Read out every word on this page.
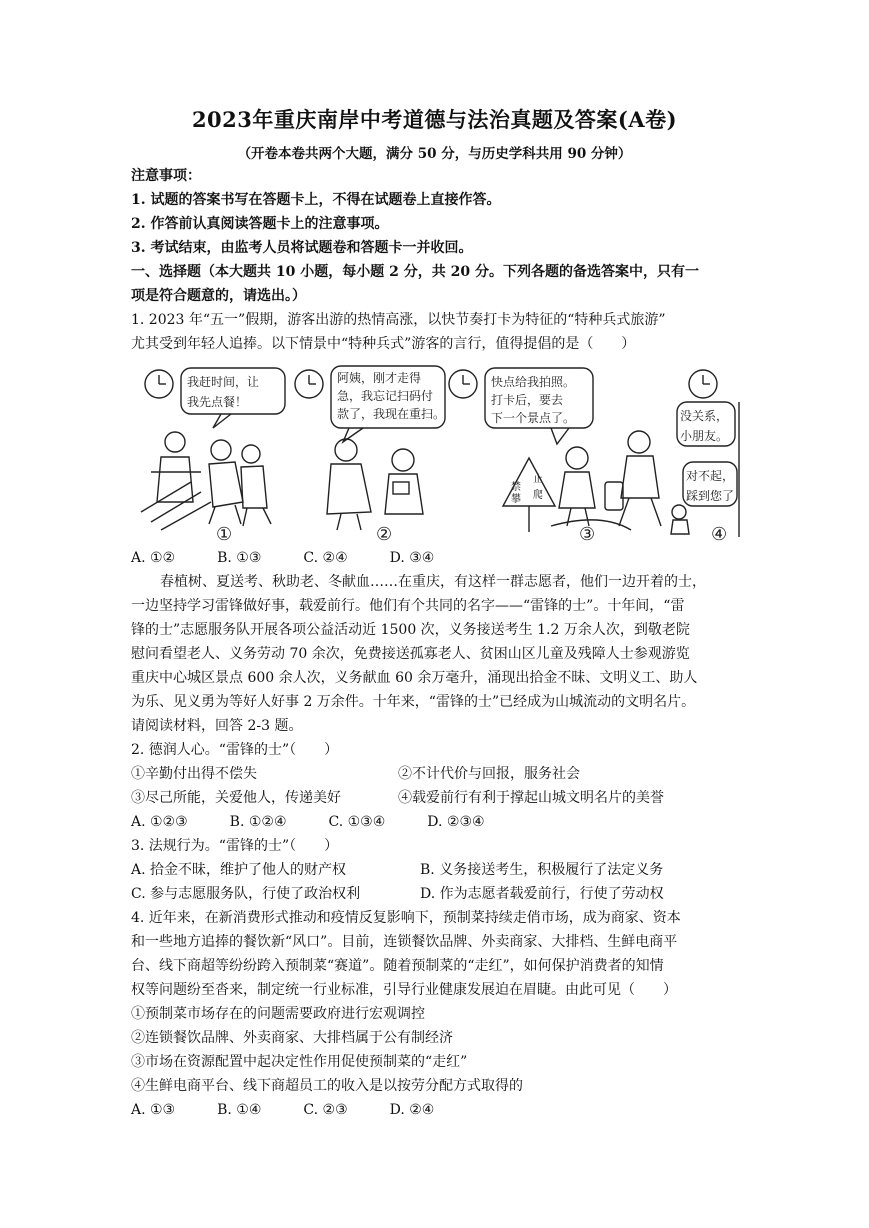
2023年重庆南岸中考道德与法治真题及答案(A卷)
（开卷本卷共两个大题，满分 50 分，与历史学科共用 90 分钟）
注意事项：
1. 试题的答案书写在答题卡上，不得在试题卷上直接作答。
2. 作答前认真阅读答题卡上的注意事项。
3. 考试结束，由监考人员将试题卷和答题卡一并收回。
一、选择题（本大题共 10 小题，每小题 2 分，共 20 分。下列各题的备选答案中，只有一
项是符合题意的，请选出。）
1. 2023 年“五一”假期，游客出游的热情高涨，以快节奏打卡为特征的“特种兵式旅游”
尤其受到年轻人追捧。以下情景中“特种兵式”游客的言行，值得提倡的是（　　）
我赶时间，让
我先点餐！
①
阿姨，刚才走得
急，我忘记扫码付
款了，我现在重扫。
②
快点给我拍照。
打卡后，要去
下一个景点了。
禁
止
攀 爬
③
没关系，
小朋友。
对不起，
踩到您了
④
A. ①②　　　B. ①③　　　C. ②④　　　D. ③④
春植树、夏送考、秋助老、冬献血……在重庆，有这样一群志愿者，他们一边开着的士，
一边坚持学习雷锋做好事，载爱前行。他们有个共同的名字——“雷锋的士”。十年间，“雷
锋的士”志愿服务队开展各项公益活动近 1500 次，义务接送考生 1.2 万余人次，到敬老院
慰问看望老人、义务劳动 70 余次，免费接送孤寡老人、贫困山区儿童及残障人士参观游览
重庆中心城区景点 600 余人次，义务献血 60 余万毫升，涌现出拾金不昧、文明义工、助人
为乐、见义勇为等好人好事 2 万余件。十年来，“雷锋的士”已经成为山城流动的文明名片。
请阅读材料，回答 2-3 题。
2. 德润人心。“雷锋的士”（　　）
①辛勤付出得不偿失	②不计代价与回报，服务社会
③尽己所能，关爱他人，传递美好	④载爱前行有利于撑起山城文明名片的美誉
A. ①②③　　　B. ①②④　　　C. ①③④　　　D. ②③④
3. 法规行为。“雷锋的士”（　　）
A. 拾金不昧，维护了他人的财产权	B. 义务接送考生，积极履行了法定义务
C. 参与志愿服务队，行使了政治权利	D. 作为志愿者载爱前行，行使了劳动权
4. 近年来，在新消费形式推动和疫情反复影响下，预制菜持续走俏市场，成为商家、资本
和一些地方追捧的餐饮新“风口”。目前，连锁餐饮品牌、外卖商家、大排档、生鲜电商平
台、线下商超等纷纷跨入预制菜“赛道”。随着预制菜的“走红”，如何保护消费者的知情
权等问题纷至沓来，制定统一行业标准，引导行业健康发展迫在眉睫。由此可见（　　）
①预制菜市场存在的问题需要政府进行宏观调控
②连锁餐饮品牌、外卖商家、大排档属于公有制经济
③市场在资源配置中起决定性作用促使预制菜的“走红”
④生鲜电商平台、线下商超员工的收入是以按劳分配方式取得的
A. ①③　　　B. ①④　　　C. ②③　　　D. ②④
